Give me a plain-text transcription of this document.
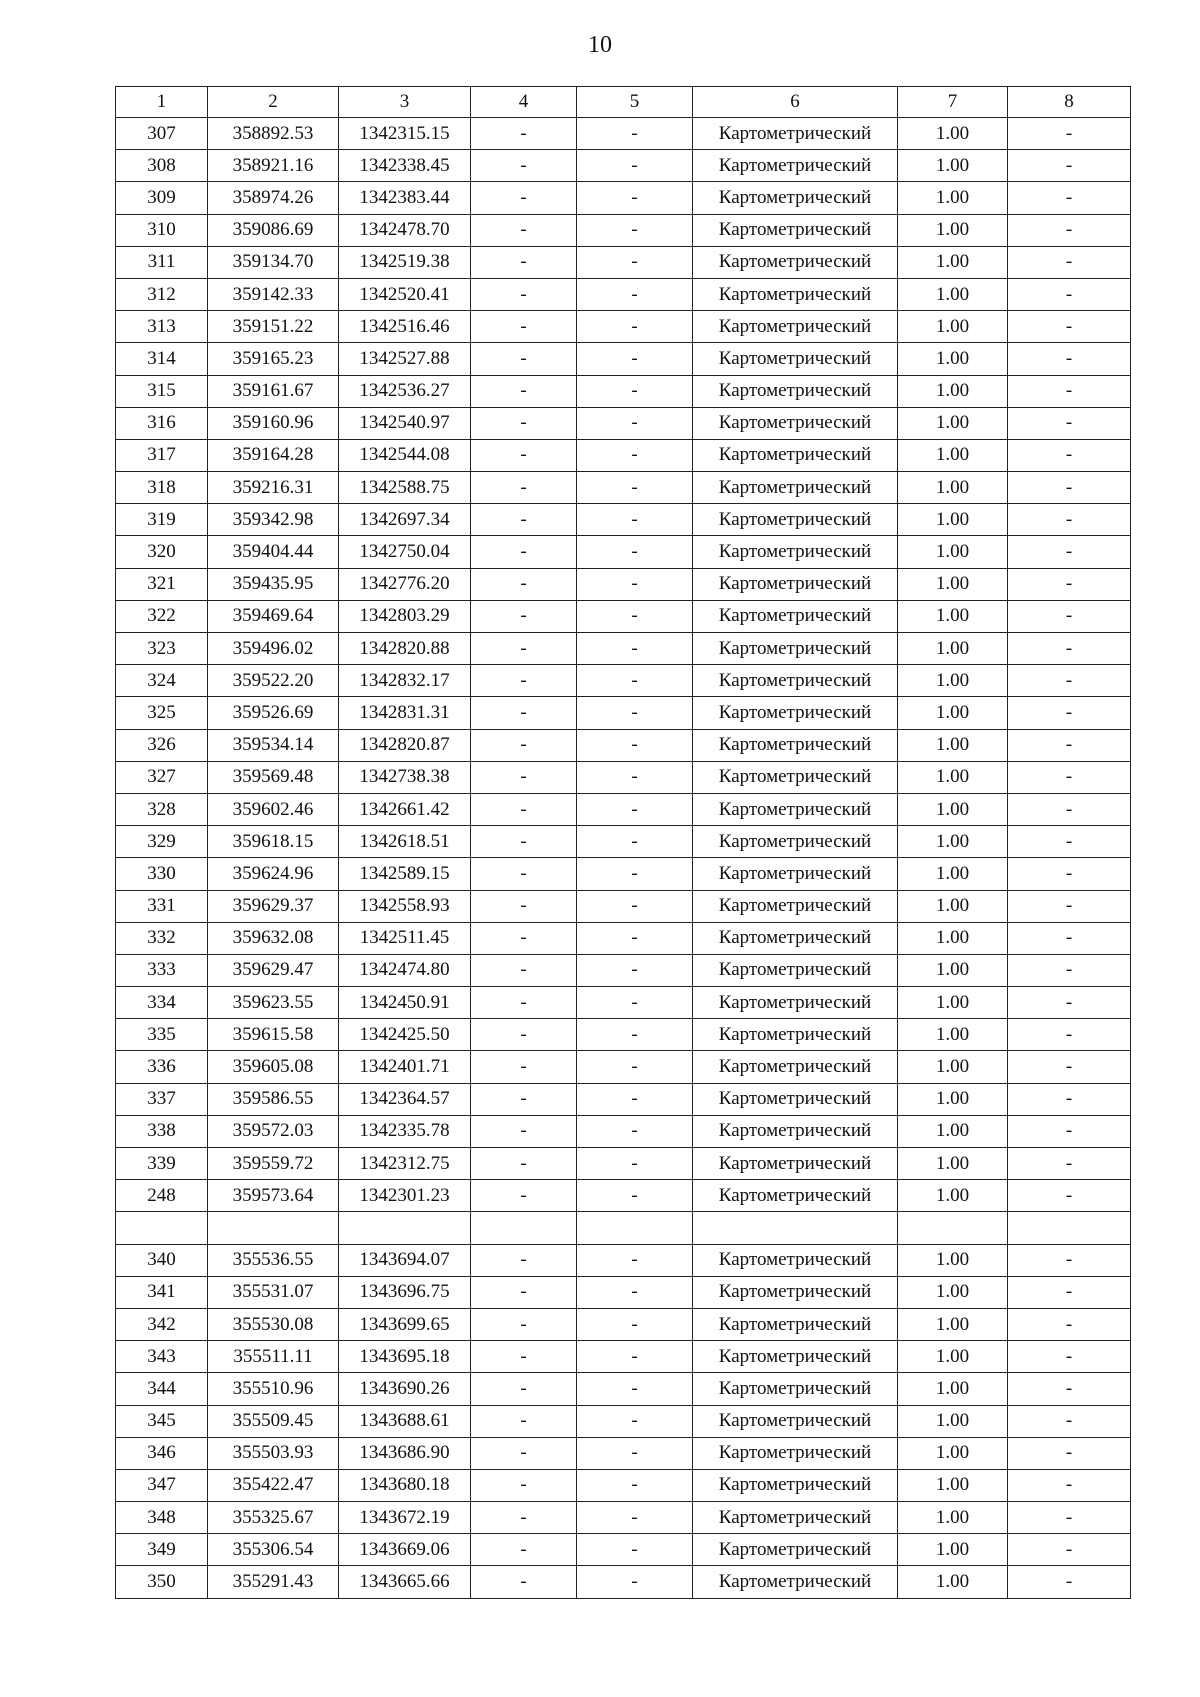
10
1	2	3	4	5	6	7	8
307	358892.53	1342315.15	-	-	Картометрический	1.00	-
308	358921.16	1342338.45	-	-	Картометрический	1.00	-
309	358974.26	1342383.44	-	-	Картометрический	1.00	-
310	359086.69	1342478.70	-	-	Картометрический	1.00	-
311	359134.70	1342519.38	-	-	Картометрический	1.00	-
312	359142.33	1342520.41	-	-	Картометрический	1.00	-
313	359151.22	1342516.46	-	-	Картометрический	1.00	-
314	359165.23	1342527.88	-	-	Картометрический	1.00	-
315	359161.67	1342536.27	-	-	Картометрический	1.00	-
316	359160.96	1342540.97	-	-	Картометрический	1.00	-
317	359164.28	1342544.08	-	-	Картометрический	1.00	-
318	359216.31	1342588.75	-	-	Картометрический	1.00	-
319	359342.98	1342697.34	-	-	Картометрический	1.00	-
320	359404.44	1342750.04	-	-	Картометрический	1.00	-
321	359435.95	1342776.20	-	-	Картометрический	1.00	-
322	359469.64	1342803.29	-	-	Картометрический	1.00	-
323	359496.02	1342820.88	-	-	Картометрический	1.00	-
324	359522.20	1342832.17	-	-	Картометрический	1.00	-
325	359526.69	1342831.31	-	-	Картометрический	1.00	-
326	359534.14	1342820.87	-	-	Картометрический	1.00	-
327	359569.48	1342738.38	-	-	Картометрический	1.00	-
328	359602.46	1342661.42	-	-	Картометрический	1.00	-
329	359618.15	1342618.51	-	-	Картометрический	1.00	-
330	359624.96	1342589.15	-	-	Картометрический	1.00	-
331	359629.37	1342558.93	-	-	Картометрический	1.00	-
332	359632.08	1342511.45	-	-	Картометрический	1.00	-
333	359629.47	1342474.80	-	-	Картометрический	1.00	-
334	359623.55	1342450.91	-	-	Картометрический	1.00	-
335	359615.58	1342425.50	-	-	Картометрический	1.00	-
336	359605.08	1342401.71	-	-	Картометрический	1.00	-
337	359586.55	1342364.57	-	-	Картометрический	1.00	-
338	359572.03	1342335.78	-	-	Картометрический	1.00	-
339	359559.72	1342312.75	-	-	Картометрический	1.00	-
248	359573.64	1342301.23	-	-	Картометрический	1.00	-

340	355536.55	1343694.07	-	-	Картометрический	1.00	-
341	355531.07	1343696.75	-	-	Картометрический	1.00	-
342	355530.08	1343699.65	-	-	Картометрический	1.00	-
343	355511.11	1343695.18	-	-	Картометрический	1.00	-
344	355510.96	1343690.26	-	-	Картометрический	1.00	-
345	355509.45	1343688.61	-	-	Картометрический	1.00	-
346	355503.93	1343686.90	-	-	Картометрический	1.00	-
347	355422.47	1343680.18	-	-	Картометрический	1.00	-
348	355325.67	1343672.19	-	-	Картометрический	1.00	-
349	355306.54	1343669.06	-	-	Картометрический	1.00	-
350	355291.43	1343665.66	-	-	Картометрический	1.00	-
